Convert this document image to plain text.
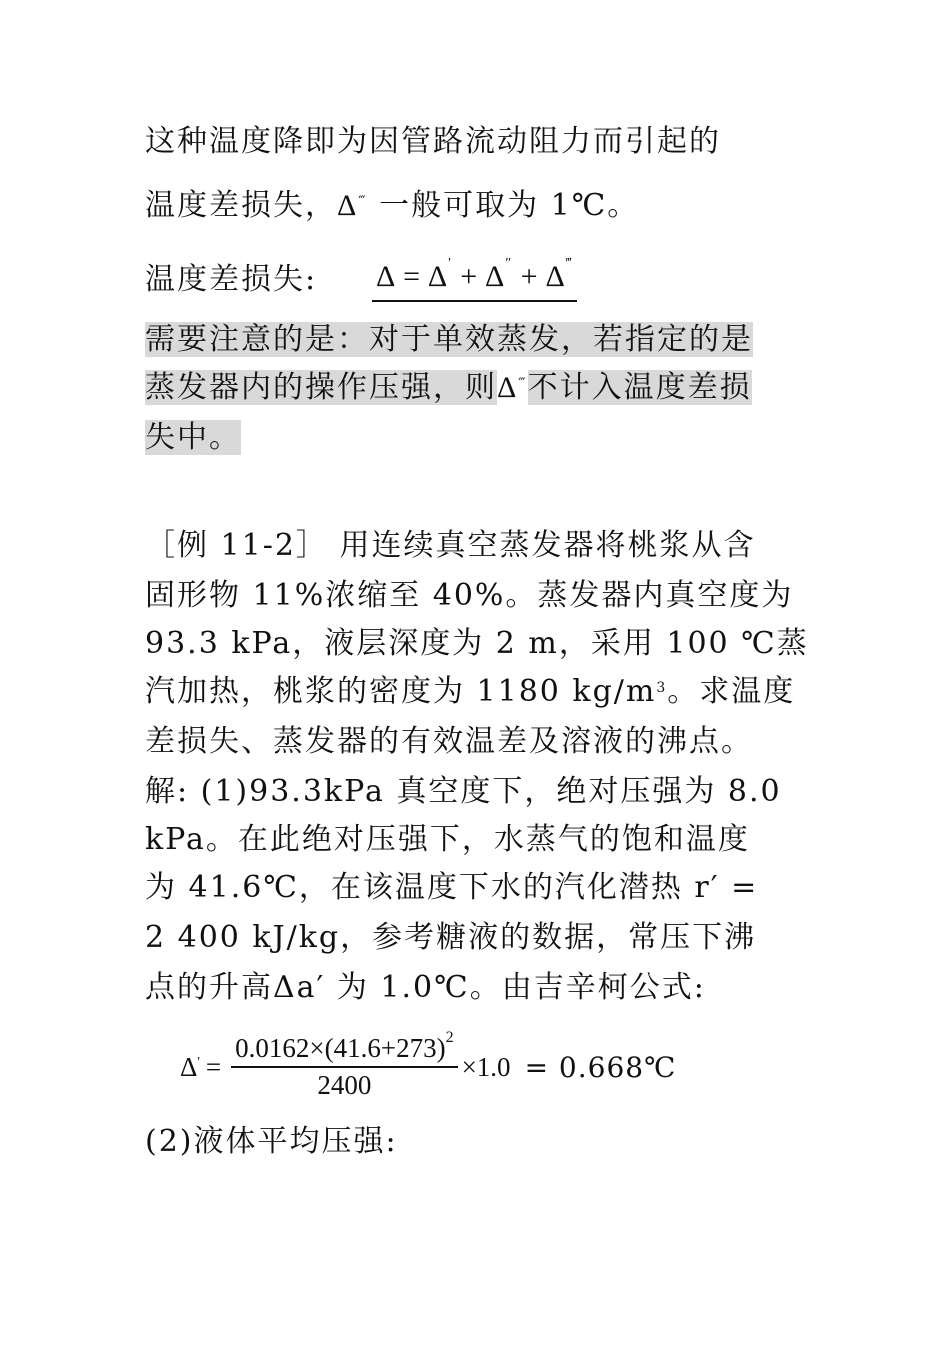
这种温度降即为因管路流动阻力而引起的
温度差损失，Δ‴ 一般可取为 1℃。
温度差损失: Δ = Δ' + Δ″ + Δ‴
需要注意的是：对于单效蒸发，若指定的是
蒸发器内的操作压强，则Δ‴不计入温度差损
失中。
［例 11-2］ 用连续真空蒸发器将桃浆从含
固形物 11%浓缩至 40%。蒸发器内真空度为
93.3 kPa，液层深度为 2 m，采用 100 ℃蒸
汽加热，桃浆的密度为 1180 $kg/m^3$。求温度
差损失、蒸发器的有效温差及溶液的沸点。
解: (1)93.3kPa 真空度下，绝对压强为 8.0
kPa。在此绝对压强下，水蒸气的饱和温度
为 41.6℃，在该温度下水的汽化潜热 r′ =
2 400 kJ/kg，参考糖液的数据，常压下沸
点的升高Δa′ 为 1.0℃。由吉辛柯公式:
$\Delta' = \frac{0.0162\times(41.6+273)^2}{2400} \times 1.0$ = 0.668℃
(2)液体平均压强:
